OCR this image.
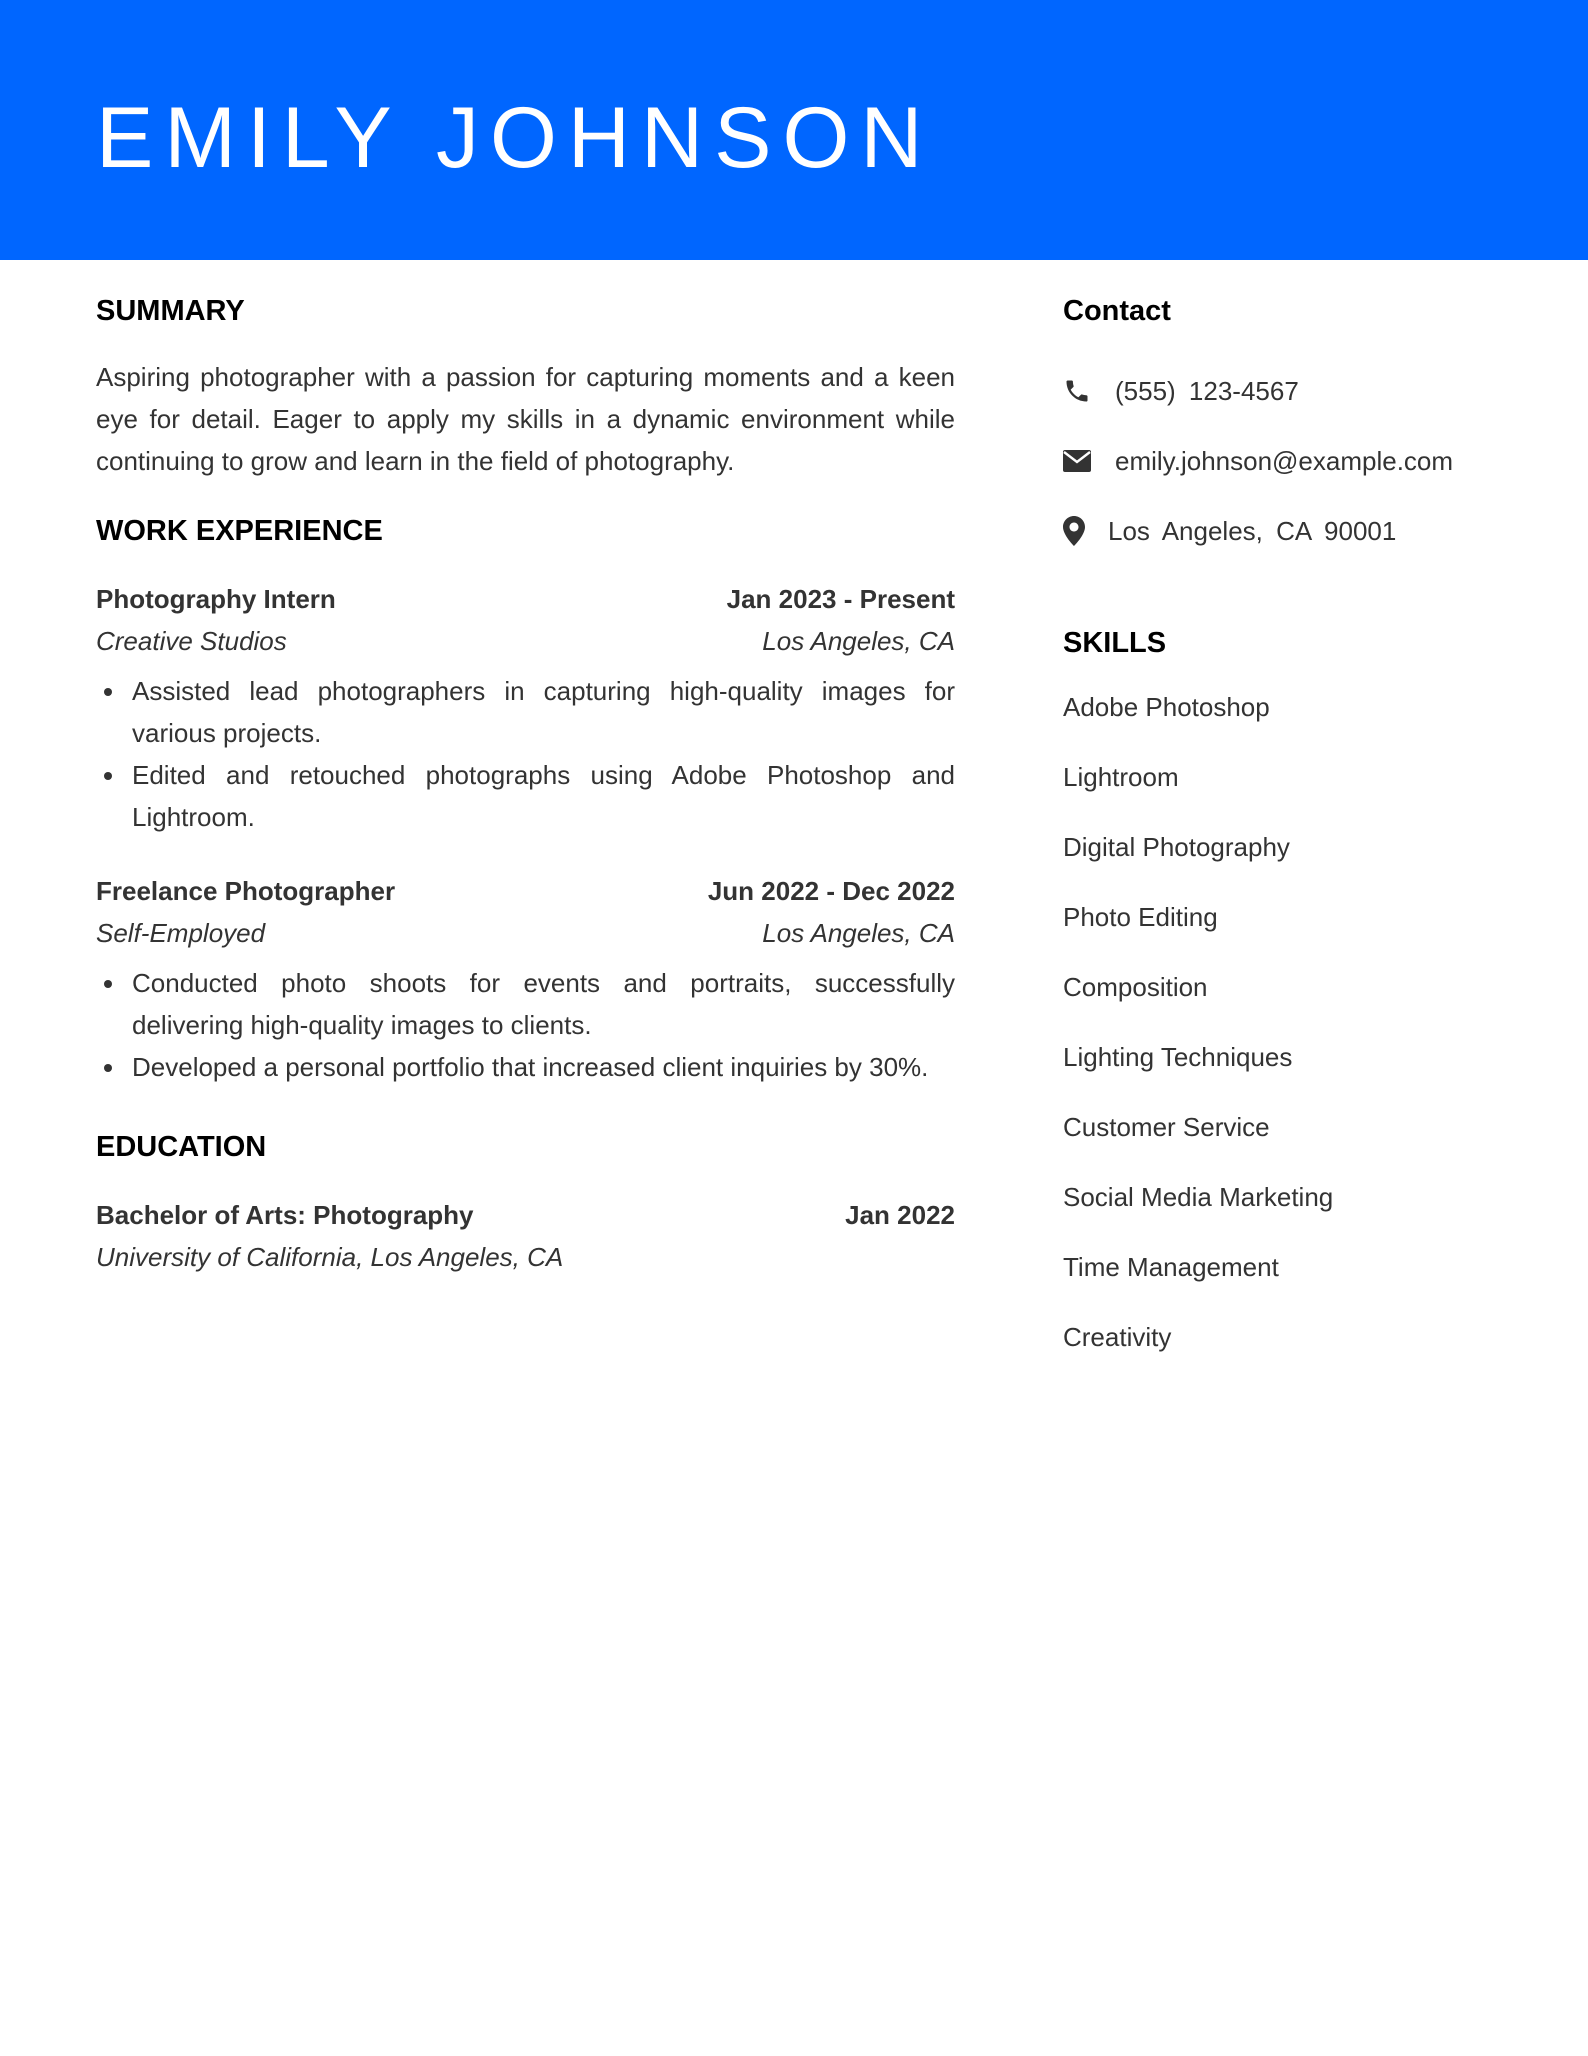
EMILY JOHNSON
SUMMARY

Aspiring photographer with a passion for capturing moments and a keen eye for detail. Eager to apply my skills in a dynamic environment while continuing to grow and learn in the field of photography.

WORK EXPERIENCE
Photography Intern	Jan 2023 - Present
Creative Studios	Los Angeles, CA
Assisted lead photographers in capturing high-quality images for various projects.
Edited and retouched photographs using Adobe Photoshop and Lightroom.
Freelance Photographer	Jun 2022 - Dec 2022
Self-Employed	Los Angeles, CA
Conducted photo shoots for events and portraits, successfully delivering high-quality images to clients.
Developed a personal portfolio that increased client inquiries by 30%.
EDUCATION
Bachelor of Arts: Photography	Jan 2022
University of California, Los Angeles, CA
Contact
(555) 123-4567
emily.johnson@example.com
Los Angeles, CA 90001
SKILLS
Adobe Photoshop
Lightroom
Digital Photography
Photo Editing
Composition
Lighting Techniques
Customer Service
Social Media Marketing
Time Management
Creativity
